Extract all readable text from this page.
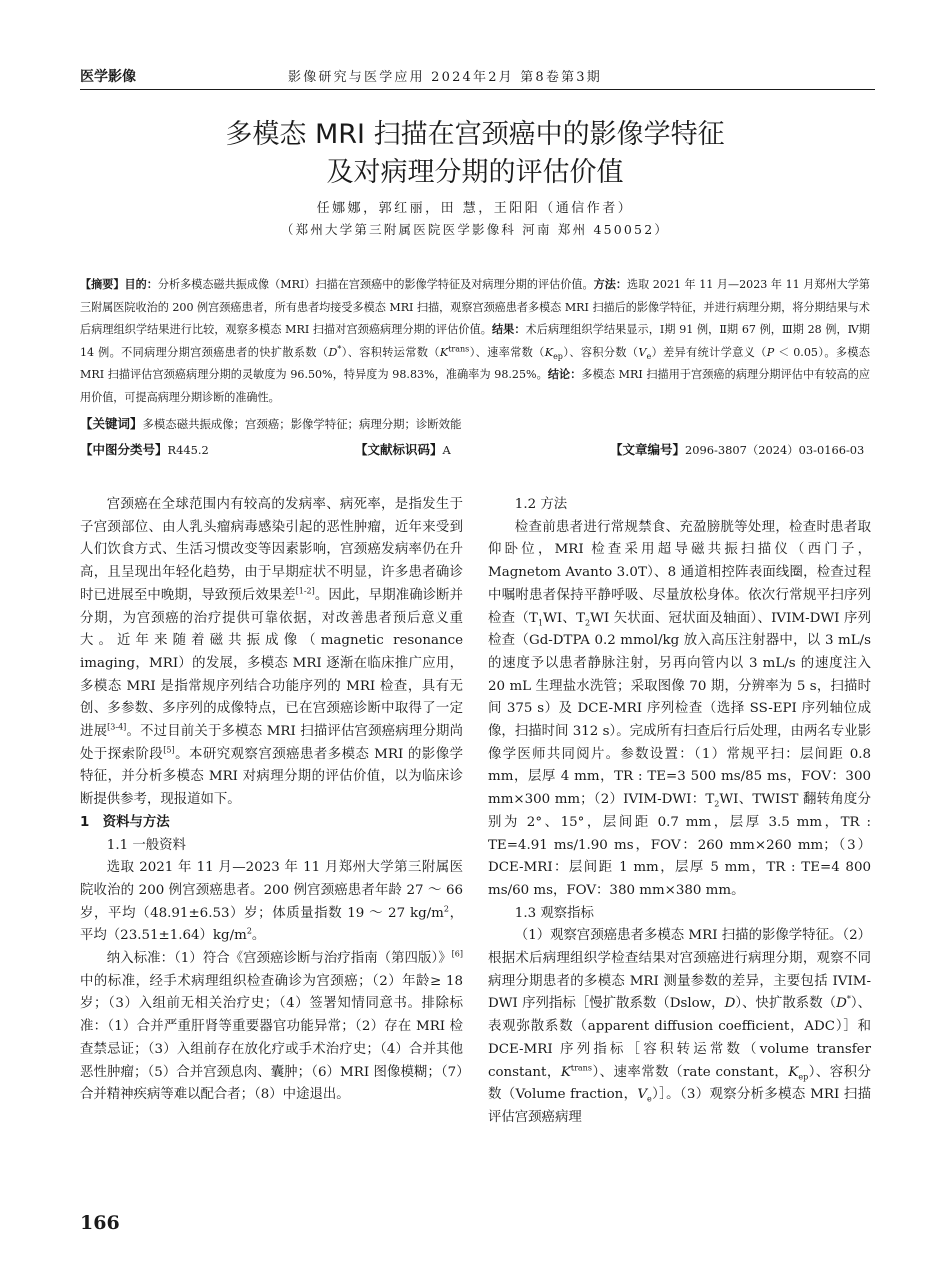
医学影像	影像研究与医学应用 2024年2月 第8卷第3期
多模态 MRI 扫描在宫颈癌中的影像学特征
及对病理分期的评估价值
任娜娜，郭红丽，田 慧，王阳阳（通信作者）
（郑州大学第三附属医院医学影像科 河南 郑州 450052）
【摘要】目的：分析多模态磁共振成像（MRI）扫描在宫颈癌中的影像学特征及对病理分期的评估价值。方法：选取 2021 年 11 月—2023 年 11 月郑州大学第三附属医院收治的 200 例宫颈癌患者，所有患者均接受多模态 MRI 扫描，观察宫颈癌患者多模态 MRI 扫描后的影像学特征，并进行病理分期，将分期结果与术后病理组织学结果进行比较，观察多模态 MRI 扫描对宫颈癌病理分期的评估价值。结果：术后病理组织学结果显示，Ⅰ期 91 例，Ⅱ期 67 例，Ⅲ期 28 例，Ⅳ期 14 例。不同病理分期宫颈癌患者的快扩散系数（D*）、容积转运常数$(K^{trans})$、速率常数$(K_{ep})$、容积分数$(V_e)$差异有统计学意义（P ＜ 0.05）。多模态 MRI 扫描评估宫颈癌病理分期的灵敏度为 96.50%，特异度为 98.83%，准确率为 98.25%。结论：多模态 MRI 扫描用于宫颈癌的病理分期评估中有较高的应用价值，可提高病理分期诊断的准确性。
【关键词】多模态磁共振成像；宫颈癌；影像学特征；病理分期；诊断效能
【中图分类号】R445.2	【文献标识码】A	【文章编号】2096-3807（2024）03-0166-03

宫颈癌在全球范围内有较高的发病率、病死率，是指发生于子宫颈部位、由人乳头瘤病毒感染引起的恶性肿瘤，近年来受到人们饮食方式、生活习惯改变等因素影响，宫颈癌发病率仍在升高，且呈现出年轻化趋势，由于早期症状不明显，许多患者确诊时已进展至中晚期，导致预后效果差[1-2]。因此，早期准确诊断并分期，为宫颈癌的治疗提供可靠依据，对改善患者预后意义重大。近年来随着磁共振成像（magnetic resonance imaging，MRI）的发展，多模态 MRI 逐渐在临床推广应用，多模态 MRI 是指常规序列结合功能序列的 MRI 检查，具有无创、多参数、多序列的成像特点，已在宫颈癌诊断中取得了一定进展[3-4]。不过目前关于多模态 MRI 扫描评估宫颈癌病理分期尚处于探索阶段[5]。本研究观察宫颈癌患者多模态 MRI 的影像学特征，并分析多模态 MRI 对病理分期的评估价值，以为临床诊断提供参考，现报道如下。

1　资料与方法

1.1 一般资料

选取 2021 年 11 月—2023 年 11 月郑州大学第三附属医院收治的 200 例宫颈癌患者。200 例宫颈癌患者年龄 27 ～ 66 岁，平均（48.91±6.53）岁；体质量指数 19 ～ 27 $kg/m^2$，平均$(23.51\pm 1.64)kg/m^2$。

纳入标准：（1）符合《宫颈癌诊断与治疗指南（第四版）》[6]中的标准，经手术病理组织检查确诊为宫颈癌；（2）年龄≥ 18 岁；（3）入组前无相关治疗史；（4）签署知情同意书。排除标准：（1）合并严重肝肾等重要器官功能异常；（2）存在 MRI 检查禁忌证；（3）入组前存在放化疗或手术治疗史；（4）合并其他恶性肿瘤；（5）合并宫颈息肉、囊肿；（6）MRI 图像模糊；（7）合并精神疾病等难以配合者；（8）中途退出。

1.2 方法

检查前患者进行常规禁食、充盈膀胱等处理，检查时患者取仰卧位，MRI 检查采用超导磁共振扫描仪（西门子，Magnetom Avanto 3.0T）、8 通道相控阵表面线圈，检查过程中嘱咐患者保持平静呼吸、尽量放松身体。依次行常规平扫序列检查（$T_1WI$、$T_2WI$ 矢状面、冠状面及轴面）、IVIM-DWI 序列检查（Gd-DTPA 0.2 mmol/kg 放入高压注射器中，以 3 mL/s 的速度予以患者静脉注射，另再向管内以 3 mL/s 的速度注入 20 mL 生理盐水洗管；采取图像 70 期，分辨率为 5 s，扫描时间 375 s）及 DCE-MRI 序列检查（选择 SS-EPI 序列轴位成像，扫描时间 312 s）。完成所有扫查后行后处理，由两名专业影像学医师共同阅片。参数设置：（1）常规平扫：层间距 0.8 mm，层厚 4 mm，TR : TE=3 500 ms/85 ms，FOV：300 mm×300 mm；（2）IVIM-DWI：$T_2WI$、TWIST 翻转角度分别为 2°、15°，层间距 0.7 mm，层厚 3.5 mm，TR : TE=4.91 ms/1.90 ms，FOV：260 mm×260 mm；（3）DCE-MRI：层间距 1 mm，层厚 5 mm，TR : TE=4 800 ms/60 ms，FOV：380 mm×380 mm。

1.3 观察指标

（1）观察宫颈癌患者多模态 MRI 扫描的影像学特征。（2）根据术后病理组织学检查结果对宫颈癌进行病理分期，观察不同病理分期患者的多模态 MRI 测量参数的差异，主要包括 IVIM-DWI 序列指标［慢扩散系数（Dslow，D）、快扩散系数（D*）、表观弥散系数（apparent diffusion coefficient，ADC）］和 DCE-MRI 序列指标［容积转运常数（volume transfer constant，$K^{trans}$）、速率常数（rate constant，$K_{ep}$）、容积分数（Volume fraction，$V_e)]$。（3）观察分析多模态 MRI 扫描评估宫颈癌病理

166
